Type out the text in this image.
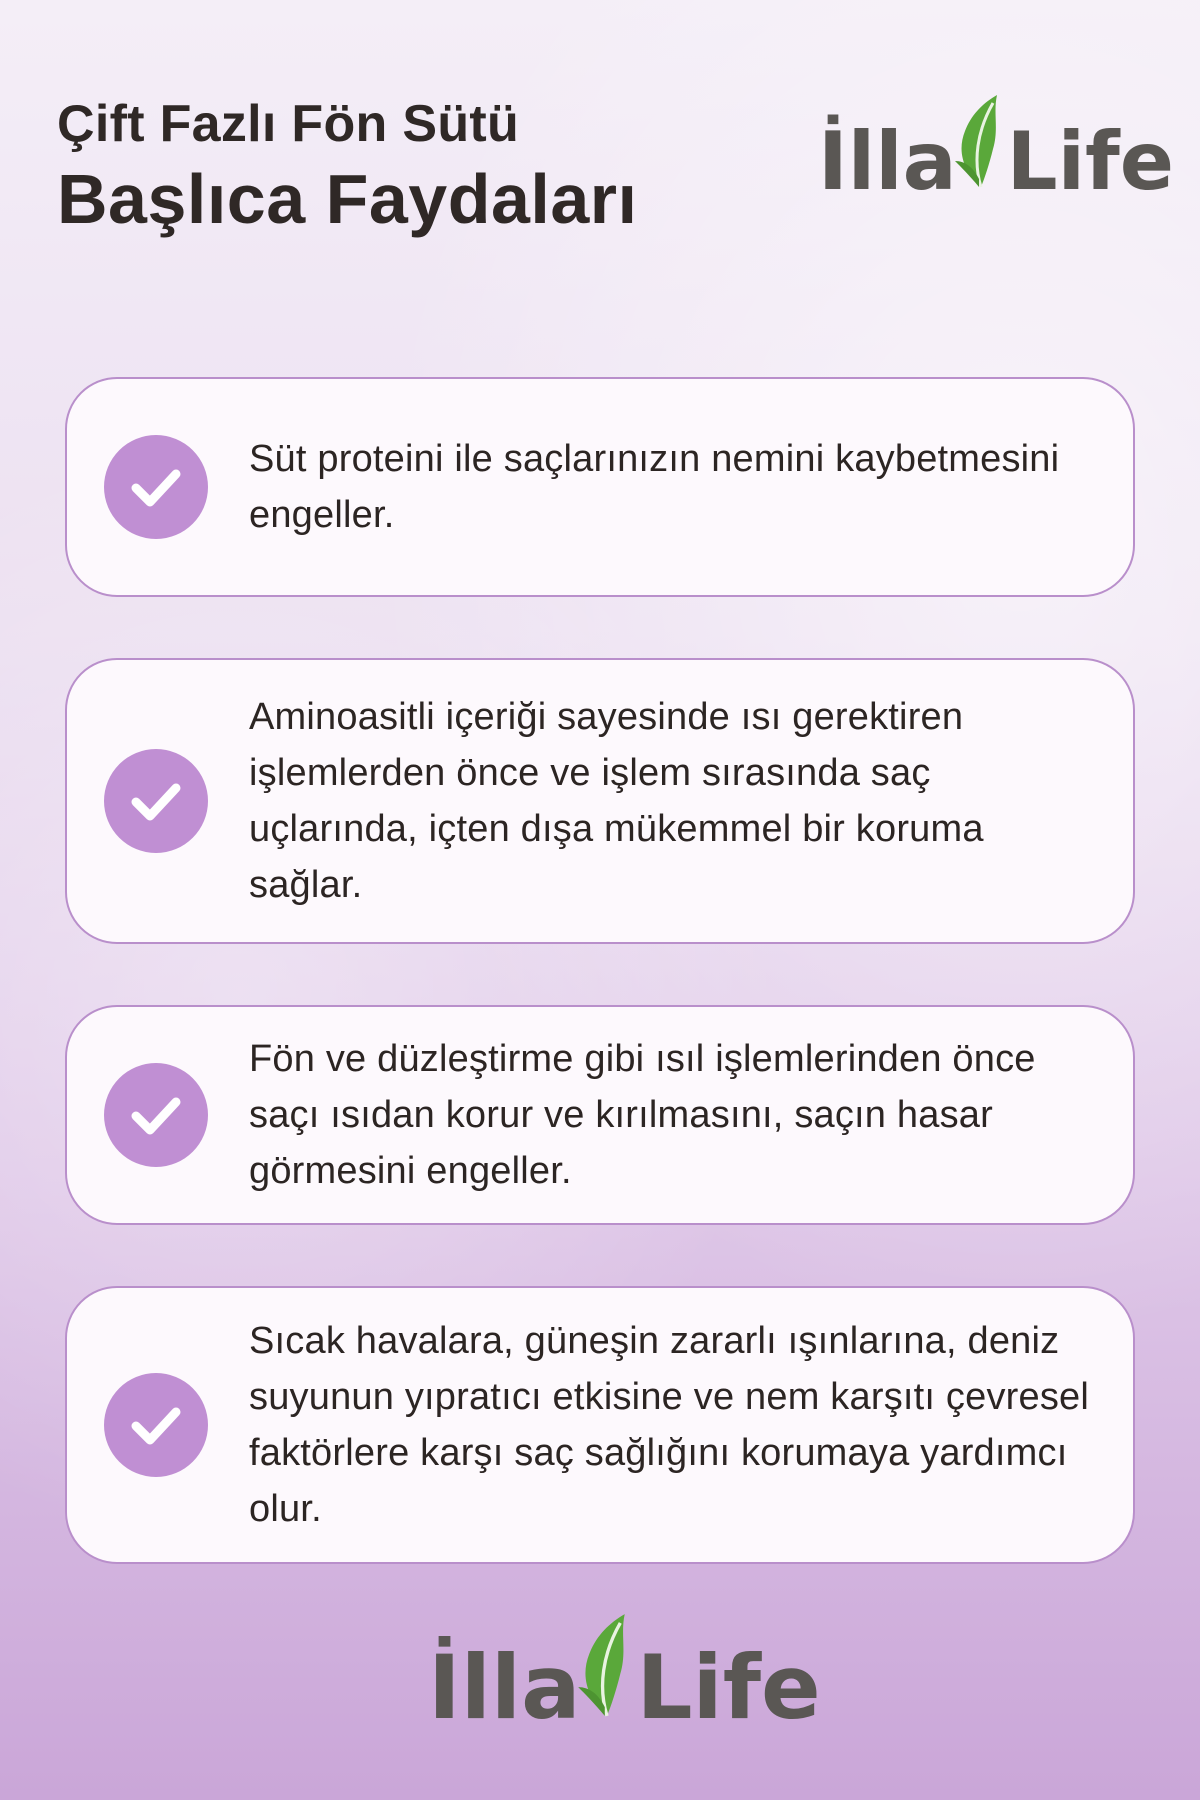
Çift Fazlı Fön Sütü
Başlıca Faydaları İlla Life
Süt proteini ile saçlarınızın nemini kaybetmesini engeller.
Aminoasitli içeriği sayesinde ısı gerektiren işlemlerden önce ve işlem sırasında saç uçlarında, içten dışa mükemmel bir koruma sağlar.
Fön ve düzleştirme gibi ısıl işlemlerinden önce saçı ısıdan korur ve kırılmasını, saçın hasar görmesini engeller.
Sıcak havalara, güneşin zararlı ışınlarına, deniz suyunun yıpratıcı etkisine ve nem karşıtı çevresel faktörlere karşı saç sağlığını korumaya yardımcı olur.
İlla Life
